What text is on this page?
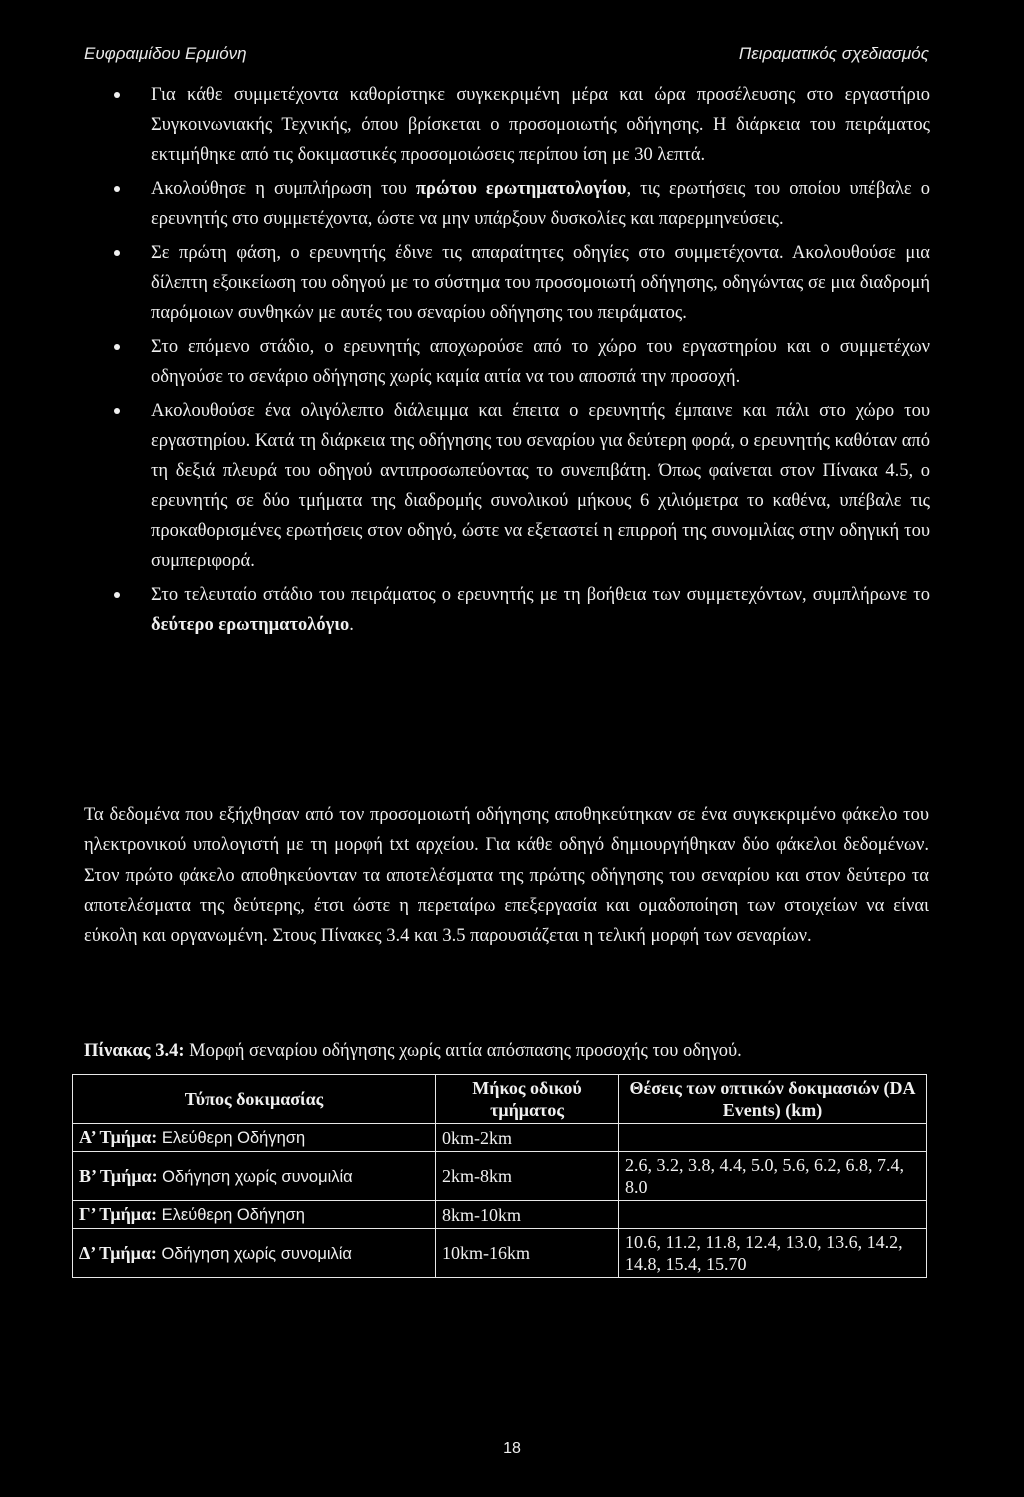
Ευφραιμίδου Ερμιόνη	Πειραματικός σχεδιασμός
Για κάθε συμμετέχοντα καθορίστηκε συγκεκριμένη μέρα και ώρα προσέλευσης στο εργαστήριο Συγκοινωνιακής Τεχνικής, όπου βρίσκεται ο προσομοιωτής οδήγησης. Η διάρκεια του πειράματος εκτιμήθηκε από τις δοκιμαστικές προσομοιώσεις περίπου ίση με 30 λεπτά.
Ακολούθησε η συμπλήρωση του πρώτου ερωτηματολογίου, τις ερωτήσεις του οποίου υπέβαλε ο ερευνητής στο συμμετέχοντα, ώστε να μην υπάρξουν δυσκολίες και παρερμηνεύσεις.
Σε πρώτη φάση, ο ερευνητής έδινε τις απαραίτητες οδηγίες στο συμμετέχοντα. Ακολουθούσε μια δίλεπτη εξοικείωση του οδηγού με το σύστημα του προσομοιωτή οδήγησης, οδηγώντας σε μια διαδρομή παρόμοιων συνθηκών με αυτές του σεναρίου οδήγησης του πειράματος.
Στο επόμενο στάδιο, ο ερευνητής αποχωρούσε από το χώρο του εργαστηρίου και ο συμμετέχων οδηγούσε το σενάριο οδήγησης χωρίς καμία αιτία να του αποσπά την προσοχή.
Ακολουθούσε ένα ολιγόλεπτο διάλειμμα και έπειτα ο ερευνητής έμπαινε και πάλι στο χώρο του εργαστηρίου. Κατά τη διάρκεια της οδήγησης του σεναρίου για δεύτερη φορά, ο ερευνητής καθόταν από τη δεξιά πλευρά του οδηγού αντιπροσωπεύοντας το συνεπιβάτη. Όπως φαίνεται στον Πίνακα 4.5, ο ερευνητής σε δύο τμήματα της διαδρομής συνολικού μήκους 6 χιλιόμετρα το καθένα, υπέβαλε τις προκαθορισμένες ερωτήσεις στον οδηγό, ώστε να εξεταστεί η επιρροή της συνομιλίας στην οδηγική του συμπεριφορά.
Στο τελευταίο στάδιο του πειράματος ο ερευνητής με τη βοήθεια των συμμετεχόντων, συμπλήρωνε το δεύτερο ερωτηματολόγιο.

Τα δεδομένα που εξήχθησαν από τον προσομοιωτή οδήγησης αποθηκεύτηκαν σε ένα συγκεκριμένο φάκελο του ηλεκτρονικού υπολογιστή με τη μορφή txt αρχείου. Για κάθε οδηγό δημιουργήθηκαν δύο φάκελοι δεδομένων. Στον πρώτο φάκελο αποθηκεύονταν τα αποτελέσματα της πρώτης οδήγησης του σεναρίου και στον δεύτερο τα αποτελέσματα της δεύτερης, έτσι ώστε η περεταίρω επεξεργασία και ομαδοποίηση των στοιχείων να είναι εύκολη και οργανωμένη. Στους Πίνακες 3.4 και 3.5 παρουσιάζεται η τελική μορφή των σεναρίων.

Πίνακας 3.4: Μορφή σεναρίου οδήγησης χωρίς αιτία απόσπασης προσοχής του οδηγού.

Τύπος δοκιμασίας	Μήκος οδικού τμήματος	Θέσεις των οπτικών δοκιμασιών (DA Events) (km)
Α’ Τμήμα: Ελεύθερη Οδήγηση	0km-2km	
Β’ Τμήμα: Οδήγηση χωρίς συνομιλία	2km-8km	2.6, 3.2, 3.8, 4.4, 5.0, 5.6, 6.2, 6.8, 7.4, 8.0
Γ’ Τμήμα: Ελεύθερη Οδήγηση	8km-10km	
Δ’ Τμήμα: Οδήγηση χωρίς συνομιλία	10km-16km	10.6, 11.2, 11.8, 12.4, 13.0, 13.6, 14.2, 14.8, 15.4, 15.70
18
